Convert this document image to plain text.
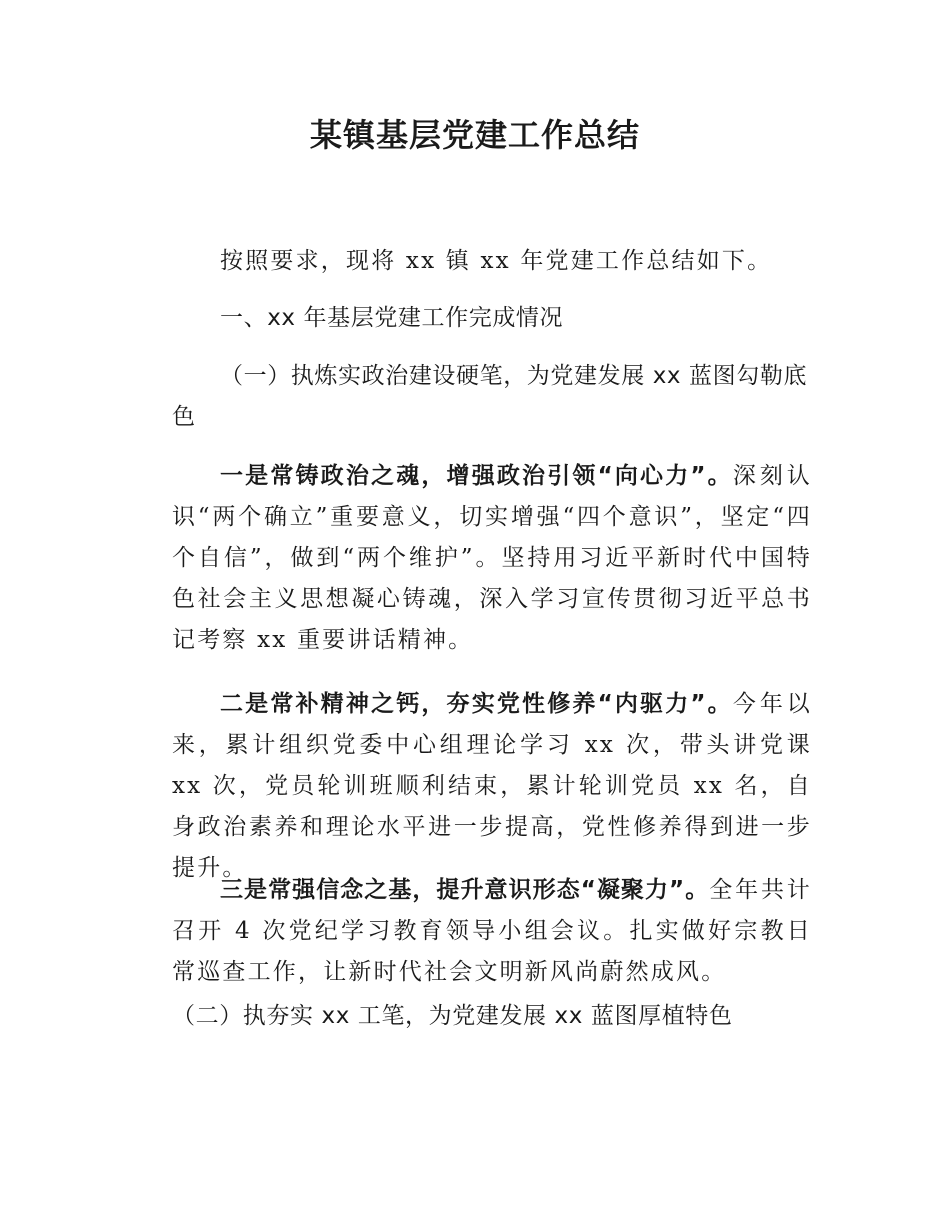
某镇基层党建工作总结

按照要求，现将 xx 镇 xx 年党建工作总结如下。

一、xx 年基层党建工作完成情况

（一）执炼实政治建设硬笔，为党建发展 xx 蓝图勾勒底色

一是常铸政治之魂，增强政治引领“向心力”。深刻认识“两个确立”重要意义，切实增强“四个意识”，坚定“四个自信”，做到“两个维护”。坚持用习近平新时代中国特色社会主义思想凝心铸魂，深入学习宣传贯彻习近平总书记考察 xx 重要讲话精神。

二是常补精神之钙，夯实党性修养“内驱力”。今年以来，累计组织党委中心组理论学习 xx 次，带头讲党课 xx 次，党员轮训班顺利结束，累计轮训党员 xx 名，自身政治素养和理论水平进一步提高，党性修养得到进一步提升。

三是常强信念之基，提升意识形态“凝聚力”。全年共计召开 4 次党纪学习教育领导小组会议。扎实做好宗教日常巡查工作，让新时代社会文明新风尚蔚然成风。

（二）执夯实 xx 工笔，为党建发展 xx 蓝图厚植特色
